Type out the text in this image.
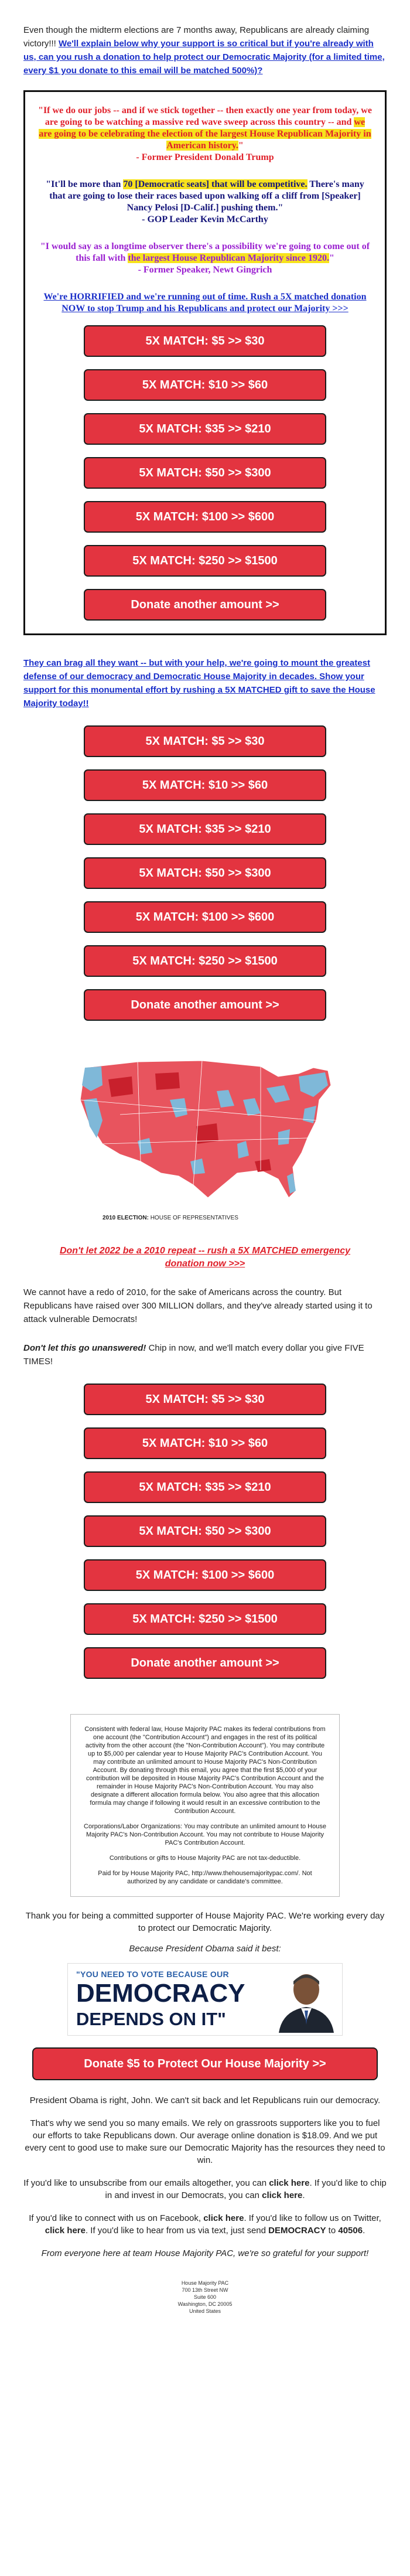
Even though the midterm elections are 7 months away, Republicans are already claiming victory!!! We'll explain below why your support is so critical but if you're already with us, can you rush a donation to help protect our Democratic Majority (for a limited time, every $1 you donate to this email will be matched 500%)?

"If we do our jobs -- and if we stick together -- then exactly one year from today, we are going to be watching a massive red wave sweep across this country -- and we are going to be celebrating the election of the largest House Republican Majority in American history."
- Former President Donald Trump

"It'll be more than 70 [Democratic seats] that will be competitive. There's many that are going to lose their races based upon walking off a cliff from [Speaker] Nancy Pelosi [D-Calif.] pushing them."
- GOP Leader Kevin McCarthy

"I would say as a longtime observer there's a possibility we're going to come out of this fall with the largest House Republican Majority since 1920."
- Former Speaker, Newt Gingrich

We're HORRIFIED and we're running out of time. Rush a 5X matched donation NOW to stop Trump and his Republicans and protect our Majority >>>

5X MATCH: $5 >> $30
5X MATCH: $10 >> $60
5X MATCH: $35 >> $210
5X MATCH: $50 >> $300
5X MATCH: $100 >> $600
5X MATCH: $250 >> $1500
Donate another amount >>

They can brag all they want -- but with your help, we're going to mount the greatest defense of our democracy and Democratic House Majority in decades. Show your support for this monumental effort by rushing a 5X MATCHED gift to save the House Majority today!!

5X MATCH: $5 >> $30
5X MATCH: $10 >> $60
5X MATCH: $35 >> $210
5X MATCH: $50 >> $300
5X MATCH: $100 >> $600
5X MATCH: $250 >> $1500
Donate another amount >>

2010 ELECTION: HOUSE OF REPRESENTATIVES

Don't let 2022 be a 2010 repeat -- rush a 5X MATCHED emergency donation now >>>

We cannot have a redo of 2010, for the sake of Americans across the country. But Republicans have raised over 300 MILLION dollars, and they've already started using it to attack vulnerable Democrats!

Don't let this go unanswered! Chip in now, and we'll match every dollar you give FIVE TIMES!

5X MATCH: $5 >> $30
5X MATCH: $10 >> $60
5X MATCH: $35 >> $210
5X MATCH: $50 >> $300
5X MATCH: $100 >> $600
5X MATCH: $250 >> $1500
Donate another amount >>

Consistent with federal law, House Majority PAC makes its federal contributions from one account (the "Contribution Account") and engages in the rest of its political activity from the other account (the "Non-Contribution Account"). You may contribute up to $5,000 per calendar year to House Majority PAC's Contribution Account. You may contribute an unlimited amount to House Majority PAC's Non-Contribution Account. By donating through this email, you agree that the first $5,000 of your contribution will be deposited in House Majority PAC's Contribution Account and the remainder in House Majority PAC's Non-Contribution Account. You may also designate a different allocation formula below. You also agree that this allocation formula may change if following it would result in an excessive contribution to the Contribution Account.

Corporations/Labor Organizations: You may contribute an unlimited amount to House Majority PAC's Non-Contribution Account. You may not contribute to House Majority PAC's Contribution Account.

Contributions or gifts to House Majority PAC are not tax-deductible.

Paid for by House Majority PAC, http://www.thehousemajoritypac.com/. Not authorized by any candidate or candidate's committee.

Thank you for being a committed supporter of House Majority PAC. We're working every day to protect our Democratic Majority.

Because President Obama said it best:

"YOU NEED TO VOTE BECAUSE OUR
DEMOCRACY
DEPENDS ON IT"
Donate $5 to Protect Our House Majority >>

President Obama is right, John. We can't sit back and let Republicans ruin our democracy.

That's why we send you so many emails. We rely on grassroots supporters like you to fuel our efforts to take Republicans down. Our average online donation is $18.09. And we put every cent to good use to make sure our Democratic Majority has the resources they need to win.

If you'd like to unsubscribe from our emails altogether, you can click here. If you'd like to chip in and invest in our Democrats, you can click here.

If you'd like to connect with us on Facebook, click here. If you'd like to follow us on Twitter, click here. If you'd like to hear from us via text, just send DEMOCRACY to 40506.

From everyone here at team House Majority PAC, we're so grateful for your support!

House Majority PAC
700 13th Street NW
Suite 600
Washington, DC 20005
United States
